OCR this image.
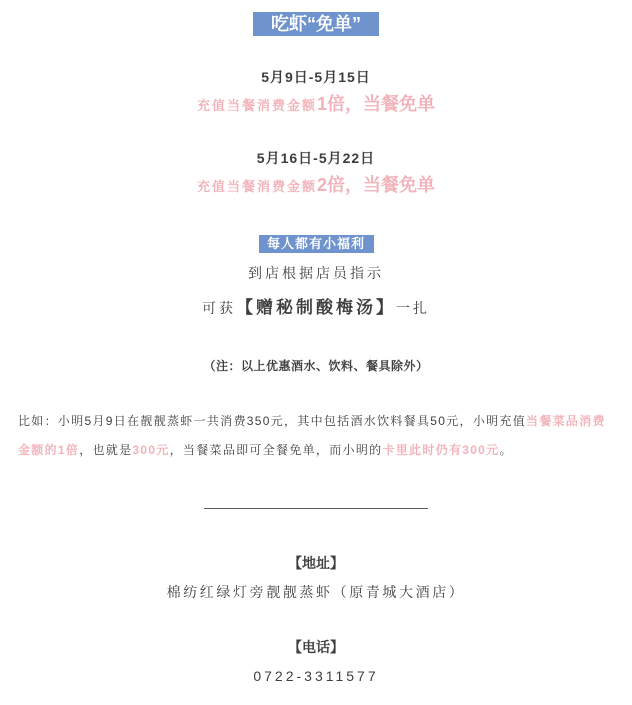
吃虾“免单”
5月9日-5月15日
充值当餐消费金额1倍，当餐免单
5月16日-5月22日
充值当餐消费金额2倍，当餐免单
每人都有小福利
到店根据店员指示
可获【赠秘制酸梅汤】一扎
（注：以上优惠酒水、饮料、餐具除外）
比如：小明5月9日在靓靓蒸虾一共消费350元，其中包括酒水饮料餐具50元，小明充值当餐菜品消费
金额的1倍，也就是300元，当餐菜品即可全餐免单，而小明的卡里此时仍有300元。
————————————————
【地址】
棉纺红绿灯旁靓靓蒸虾（原青城大酒店）
【电话】
0722-3311577
